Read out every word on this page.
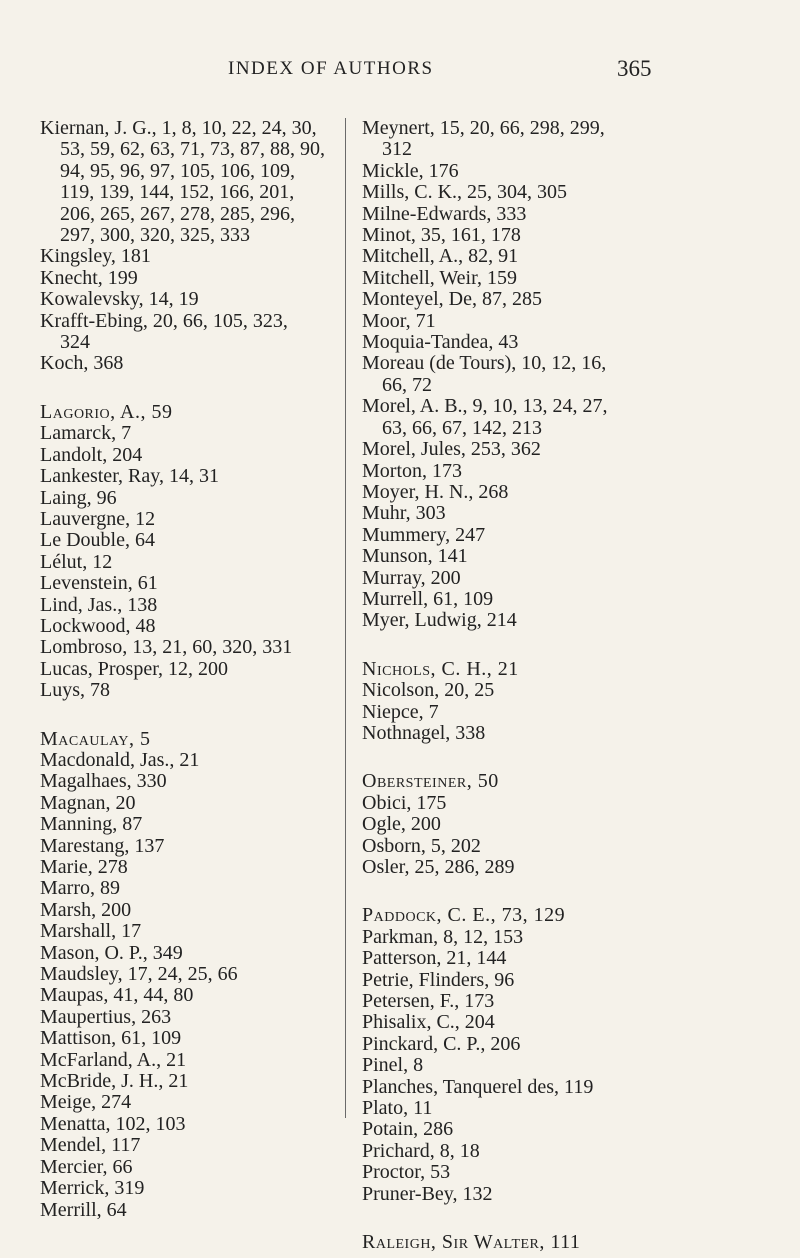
INDEX OF AUTHORS	365
Kiernan, J. G., 1, 8, 10, 22, 24, 30,
53, 59, 62, 63, 71, 73, 87, 88, 90,
94, 95, 96, 97, 105, 106, 109,
119, 139, 144, 152, 166, 201,
206, 265, 267, 278, 285, 296,
297, 300, 320, 325, 333
Kingsley, 181
Knecht, 199
Kowalevsky, 14, 19
Krafft-Ebing, 20, 66, 105, 323,
324
Koch, 368
Lagorio, A., 59
Lamarck, 7
Landolt, 204
Lankester, Ray, 14, 31
Laing, 96
Lauvergne, 12
Le Double, 64
Lélut, 12
Levenstein, 61
Lind, Jas., 138
Lockwood, 48
Lombroso, 13, 21, 60, 320, 331
Lucas, Prosper, 12, 200
Luys, 78
Macaulay, 5
Macdonald, Jas., 21
Magalhaes, 330
Magnan, 20
Manning, 87
Marestang, 137
Marie, 278
Marro, 89
Marsh, 200
Marshall, 17
Mason, O. P., 349
Maudsley, 17, 24, 25, 66
Maupas, 41, 44, 80
Maupertius, 263
Mattison, 61, 109
McFarland, A., 21
McBride, J. H., 21
Meige, 274
Menatta, 102, 103
Mendel, 117
Mercier, 66
Merrick, 319
Merrill, 64
Meynert, 15, 20, 66, 298, 299,
312
Mickle, 176
Mills, C. K., 25, 304, 305
Milne-Edwards, 333
Minot, 35, 161, 178
Mitchell, A., 82, 91
Mitchell, Weir, 159
Monteyel, De, 87, 285
Moor, 71
Moquia-Tandea, 43
Moreau (de Tours), 10, 12, 16,
66, 72
Morel, A. B., 9, 10, 13, 24, 27,
63, 66, 67, 142, 213
Morel, Jules, 253, 362
Morton, 173
Moyer, H. N., 268
Muhr, 303
Mummery, 247
Munson, 141
Murray, 200
Murrell, 61, 109
Myer, Ludwig, 214
Nichols, C. H., 21
Nicolson, 20, 25
Niepce, 7
Nothnagel, 338
Obersteiner, 50
Obici, 175
Ogle, 200
Osborn, 5, 202
Osler, 25, 286, 289
Paddock, C. E., 73, 129
Parkman, 8, 12, 153
Patterson, 21, 144
Petrie, Flinders, 96
Petersen, F., 173
Phisalix, C., 204
Pinckard, C. P., 206
Pinel, 8
Planches, Tanquerel des, 119
Plato, 11
Potain, 286
Prichard, 8, 18
Proctor, 53
Pruner-Bey, 132
Raleigh, Sir Walter, 111
